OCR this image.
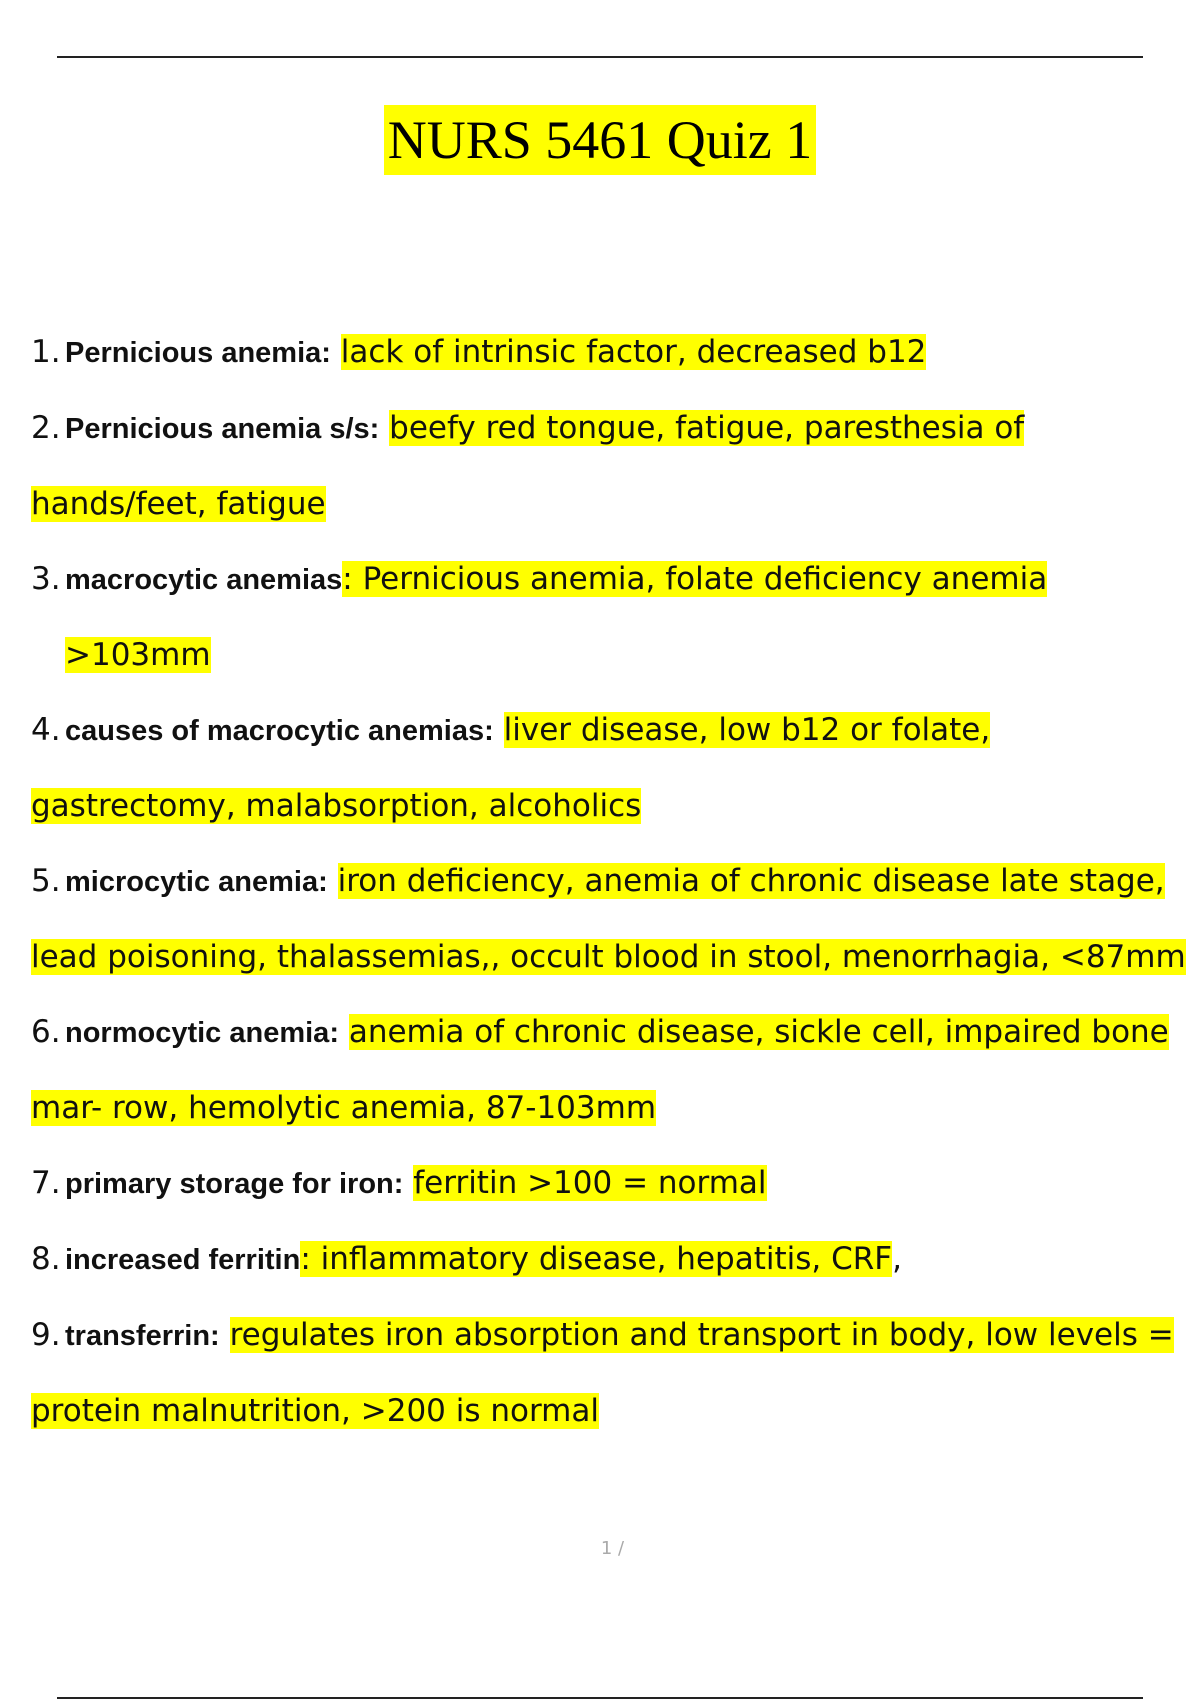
NURS 5461 Quiz 1
1. Pernicious anemia: lack of intrinsic factor, decreased b12
2. Pernicious anemia s/s: beefy red tongue, fatigue, paresthesia of hands/feet, fatigue
3. macrocytic anemias: Pernicious anemia, folate deficiency anemia
>103mm
4. causes of macrocytic anemias: liver disease, low b12 or folate, gastrectomy, malabsorption, alcoholics
5. microcytic anemia: iron deficiency, anemia of chronic disease late stage, lead poisoning, thalassemias,, occult blood in stool, menorrhagia, <87mm
6. normocytic anemia: anemia of chronic disease, sickle cell, impaired bone mar- row, hemolytic anemia, 87-103mm
7. primary storage for iron: ferritin >100 = normal
8. increased ferritin: inflammatory disease, hepatitis, CRF,
9. transferrin: regulates iron absorption and transport in body, low levels = protein malnutrition, >200 is normal
1 /
